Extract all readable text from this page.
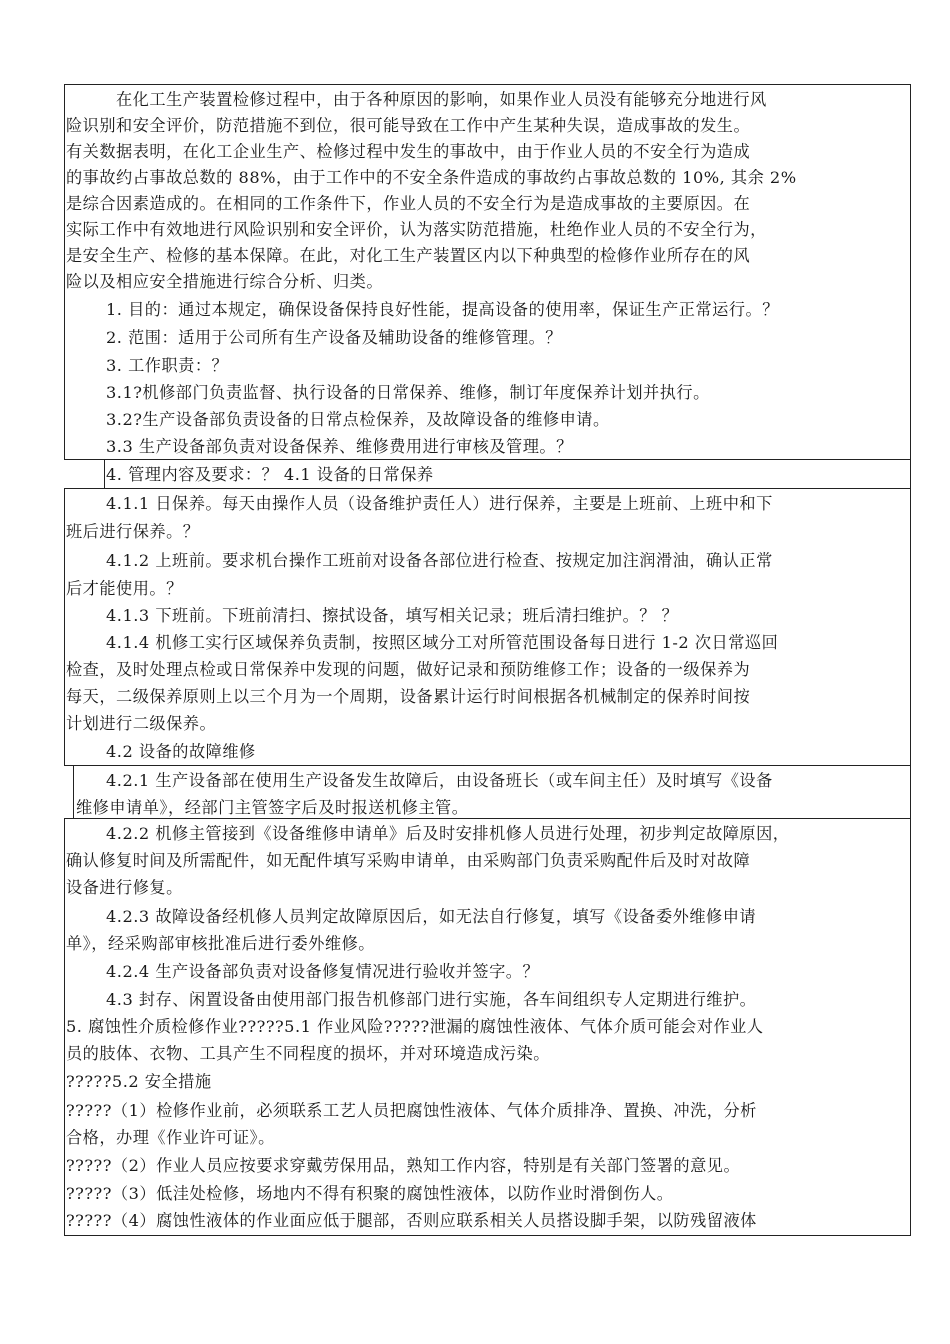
在化工生产装置检修过程中，由于各种原因的影响，如果作业人员没有能够充分地进行风
险识别和安全评价，防范措施不到位，很可能导致在工作中产生某种失误，造成事故的发生。
有关数据表明，在化工企业生产、检修过程中发生的事故中，由于作业人员的不安全行为造成
的事故约占事故总数的 88%，由于工作中的不安全条件造成的事故约占事故总数的 10%, 其余 2%
是综合因素造成的。在相同的工作条件下，作业人员的不安全行为是造成事故的主要原因。在
实际工作中有效地进行风险识别和安全评价，认为落实防范措施，杜绝作业人员的不安全行为，
是安全生产、检修的基本保障。在此，对化工生产装置区内以下种典型的检修作业所存在的风
险以及相应安全措施进行综合分析、归类。
1. 目的：通过本规定，确保设备保持良好性能，提高设备的使用率，保证生产正常运行。？
2. 范围：适用于公司所有生产设备及辅助设备的维修管理。？
3. 工作职责：？
3.1?机修部门负责监督、执行设备的日常保养、维修，制订年度保养计划并执行。
3.2?生产设备部负责设备的日常点检保养，及故障设备的维修申请。
3.3 生产设备部负责对设备保养、维修费用进行审核及管理。？
4. 管理内容及要求：？ 4.1 设备的日常保养
4.1.1 日保养。每天由操作人员（设备维护责任人）进行保养，主要是上班前、上班中和下
班后进行保养。？
4.1.2 上班前。要求机台操作工班前对设备各部位进行检查、按规定加注润滑油，确认正常
后才能使用。？
4.1.3 下班前。下班前清扫、擦拭设备，填写相关记录；班后清扫维护。？ ？
4.1.4 机修工实行区域保养负责制，按照区域分工对所管范围设备每日进行 1-2 次日常巡回
检查，及时处理点检或日常保养中发现的问题，做好记录和预防维修工作；设备的一级保养为
每天，二级保养原则上以三个月为一个周期，设备累计运行时间根据各机械制定的保养时间按
计划进行二级保养。
4.2 设备的故障维修
4.2.1 生产设备部在使用生产设备发生故障后，由设备班长（或车间主任）及时填写《设备
维修申请单》，经部门主管签字后及时报送机修主管。
4.2.2 机修主管接到《设备维修申请单》后及时安排机修人员进行处理，初步判定故障原因，
确认修复时间及所需配件，如无配件填写采购申请单，由采购部门负责采购配件后及时对故障
设备进行修复。
4.2.3 故障设备经机修人员判定故障原因后，如无法自行修复，填写《设备委外维修申请
单》，经采购部审核批准后进行委外维修。
4.2.4 生产设备部负责对设备修复情况进行验收并签字。？
4.3 封存、闲置设备由使用部门报告机修部门进行实施，各车间组织专人定期进行维护。
5. 腐蚀性介质检修作业?????5.1 作业风险?????泄漏的腐蚀性液体、气体介质可能会对作业人
员的肢体、衣物、工具产生不同程度的损坏，并对环境造成污染。
?????5.2 安全措施
?????（1）检修作业前，必须联系工艺人员把腐蚀性液体、气体介质排净、置换、冲洗，分析
合格，办理《作业许可证》。
?????（2）作业人员应按要求穿戴劳保用品，熟知工作内容，特别是有关部门签署的意见。
?????（3）低洼处检修，场地内不得有积聚的腐蚀性液体，以防作业时滑倒伤人。
?????（4）腐蚀性液体的作业面应低于腿部，否则应联系相关人员搭设脚手架，以防残留液体
